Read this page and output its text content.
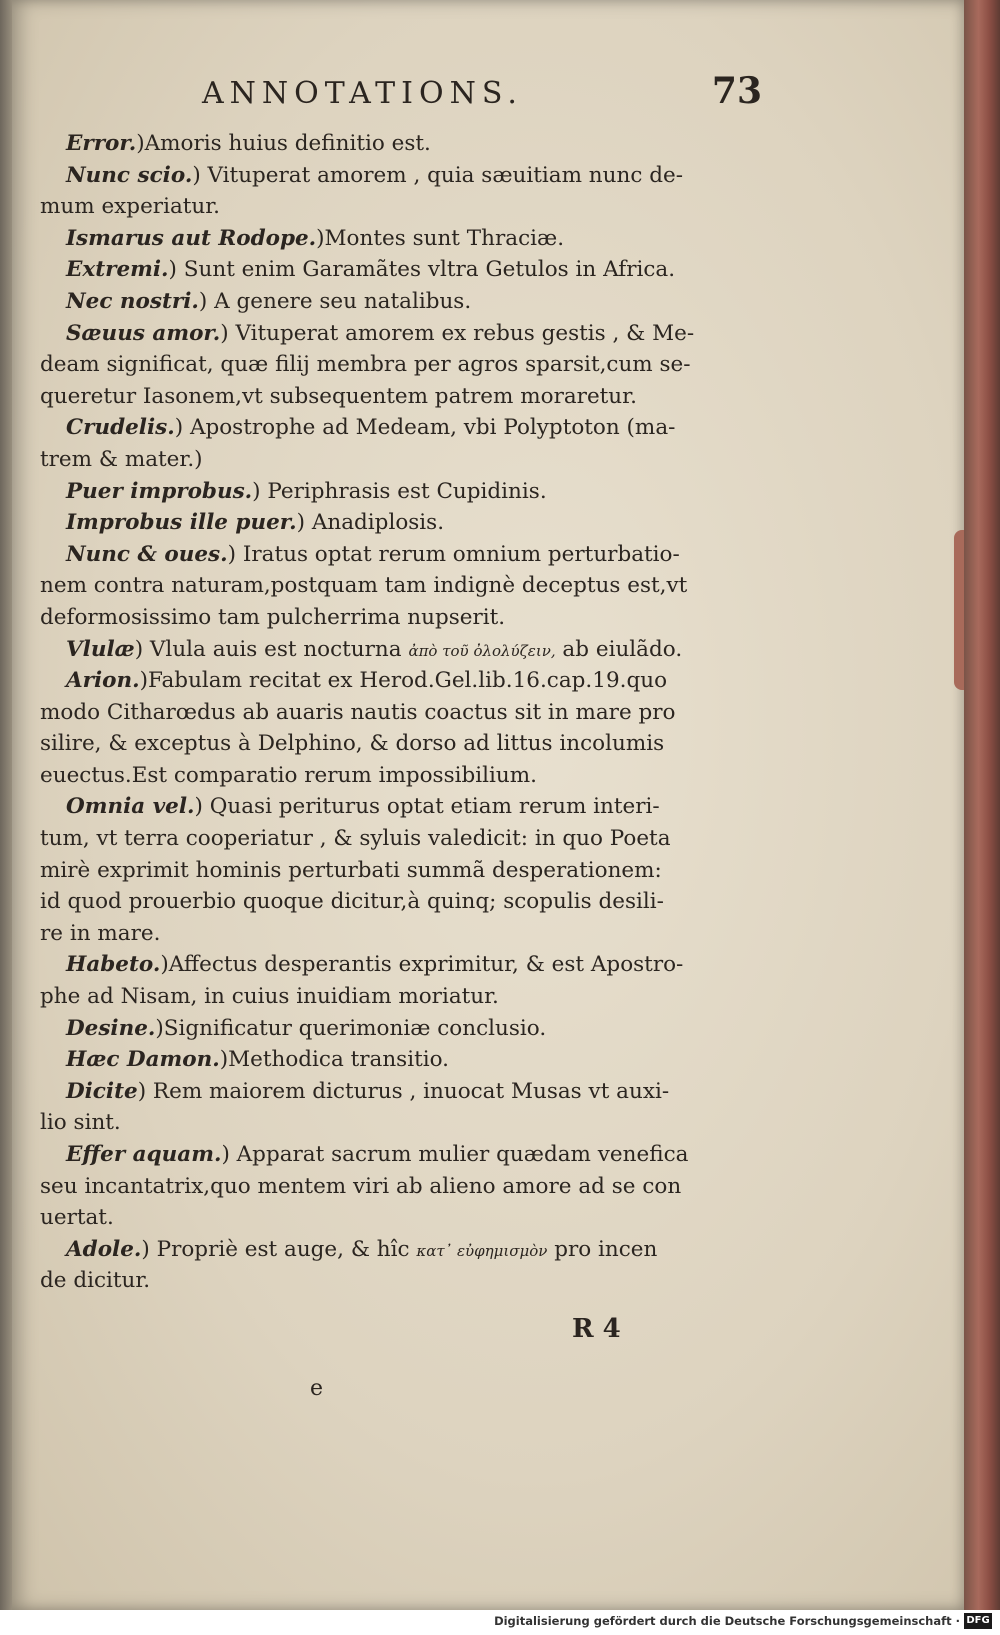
ANNOTATIONS.	73
Error.)Amoris huius definitio est.
Nunc scio.) Vituperat amorem , quia sæuitiam nunc de-
mum experiatur.
Ismarus aut Rodope.)Montes sunt Thraciæ.
Extremi.) Sunt enim Garamãtes vltra Getulos in Africa.
Nec nostri.) A genere seu natalibus.
Sæuus amor.) Vituperat amorem ex rebus gestis , & Me-
deam significat, quæ filij membra per agros sparsit,cum se-
queretur Iasonem,vt subsequentem patrem moraretur.
Crudelis.) Apostrophe ad Medeam, vbi Polyptoton (ma-
trem & mater.)
Puer improbus.) Periphrasis est Cupidinis.
Improbus ille puer.) Anadiplosis.
Nunc & oues.) Iratus optat rerum omnium perturbatio-
nem contra naturam,postquam tam indignè deceptus est,vt
deformosissimo tam pulcherrima nupserit.
Vlulæ) Vlula auis est nocturna ἀπὸ τοῦ ὀλολύζειν, ab eiulãdo.
Arion.)Fabulam recitat ex Herod.Gel.lib.16.cap.19.quo
modo Citharœdus ab auaris nautis coactus sit in mare pro
silire, & exceptus à Delphino, & dorso ad littus incolumis
euectus.Est comparatio rerum impossibilium.
Omnia vel.) Quasi periturus optat etiam rerum interi-
tum, vt terra cooperiatur , & syluis valedicit: in quo Poeta
mirè exprimit hominis perturbati summã desperationem:
id quod prouerbio quoque dicitur,à quinq; scopulis desili-
re in mare.
Habeto.)Affectus desperantis exprimitur, & est Apostro-
phe ad Nisam, in cuius inuidiam moriatur.
Desine.)Significatur querimoniæ conclusio.
Hæc Damon.)Methodica transitio.
Dicite) Rem maiorem dicturus , inuocat Musas vt auxi-
lio sint.
Effer aquam.) Apparat sacrum mulier quædam venefica
seu incantatrix,quo mentem viri ab alieno amore ad se con
uertat.
Adole.) Propriè est auge, & hîc κατ᾽ εὐφημισμὸν pro incen
de dicitur.
R 4
e
Digitalisierung gefördert durch die Deutsche Forschungsgemeinschaft · DFG
